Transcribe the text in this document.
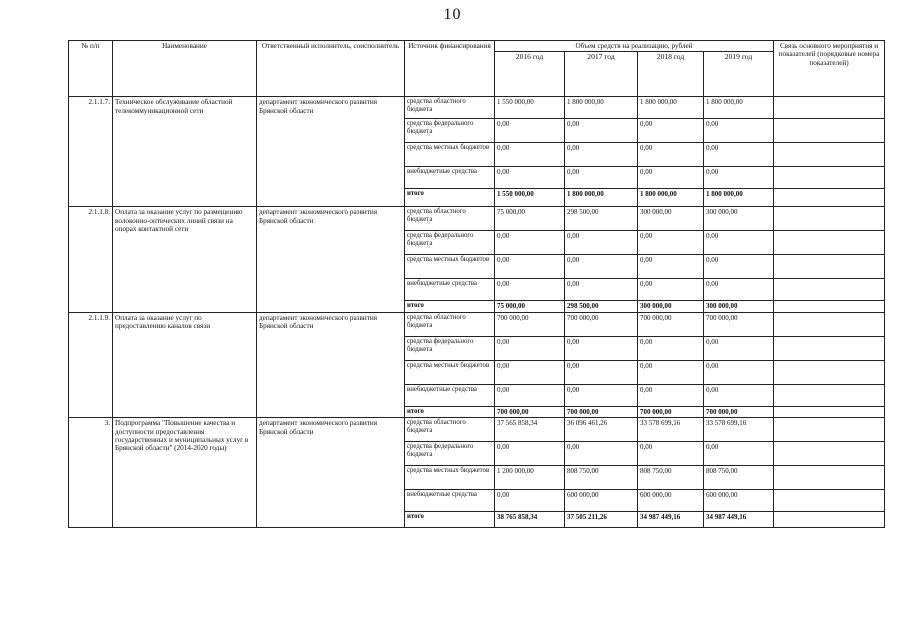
10
№ п/п	Наименование	Ответственный исполнитель, соисполнитель	Источник финансирования	Объем средств на реализацию, рублей				Связь основного мероприятия и показателей (порядковые номера показателей)
				2016 год	2017 год	2018 год	2019 год	
2.1.1.7.	Техническое обслуживание областной телекоммуникационной сети	департамент экономического развития Брянской области	средства областного бюджета	1 550 000,00	1 800 000,00	1 800 000,00	1 800 000,00	
			средства федерального бюджета	0,00	0,00	0,00	0,00	
			средства местных бюджетов	0,00	0,00	0,00	0,00	
			внебюджетные средства	0,00	0,00	0,00	0,00	
			итого	1 550 000,00	1 800 000,00	1 800 000,00	1 800 000,00	
2.1.1.8.	Оплата за оказание услуг по размещению волоконно-оптических линий связи на опорах контактной сети	департамент экономического развития Брянской области	средства областного бюджета	75 000,00	298 500,00	300 000,00	300 000,00	
			средства федерального бюджета	0,00	0,00	0,00	0,00	
			средства местных бюджетов	0,00	0,00	0,00	0,00	
			внебюджетные средства	0,00	0,00	0,00	0,00	
			итого	75 000,00	298 500,00	300 000,00	300 000,00	
2.1.1.9.	Оплата за оказание услуг по предоставлению каналов связи	департамент экономического развития Брянской области	средства областного бюджета	700 000,00	700 000,00	700 000,00	700 000,00	
			средства федерального бюджета	0,00	0,00	0,00	0,00	
			средства местных бюджетов	0,00	0,00	0,00	0,00	
			внебюджетные средства	0,00	0,00	0,00	0,00	
			итого	700 000,00	700 000,00	700 000,00	700 000,00	
3.	Подпрограмма "Повышение качества и доступности предоставления государственных и муниципальных услуг в Брянской области" (2014-2020 годы)	департамент экономического развития Брянской области	средства областного бюджета	37 565 858,34	36 096 461,26	33 578 699,16	33 578 699,16	
			средства федерального бюджета	0,00	0,00	0,00	0,00	
			средства местных бюджетов	1 200 000,00	808 750,00	808 750,00	808 750,00	
			внебюджетные средства	0,00	600 000,00	600 000,00	600 000,00	
			итого	38 765 858,34	37 505 211,26	34 987 449,16	34 987 449,16	
